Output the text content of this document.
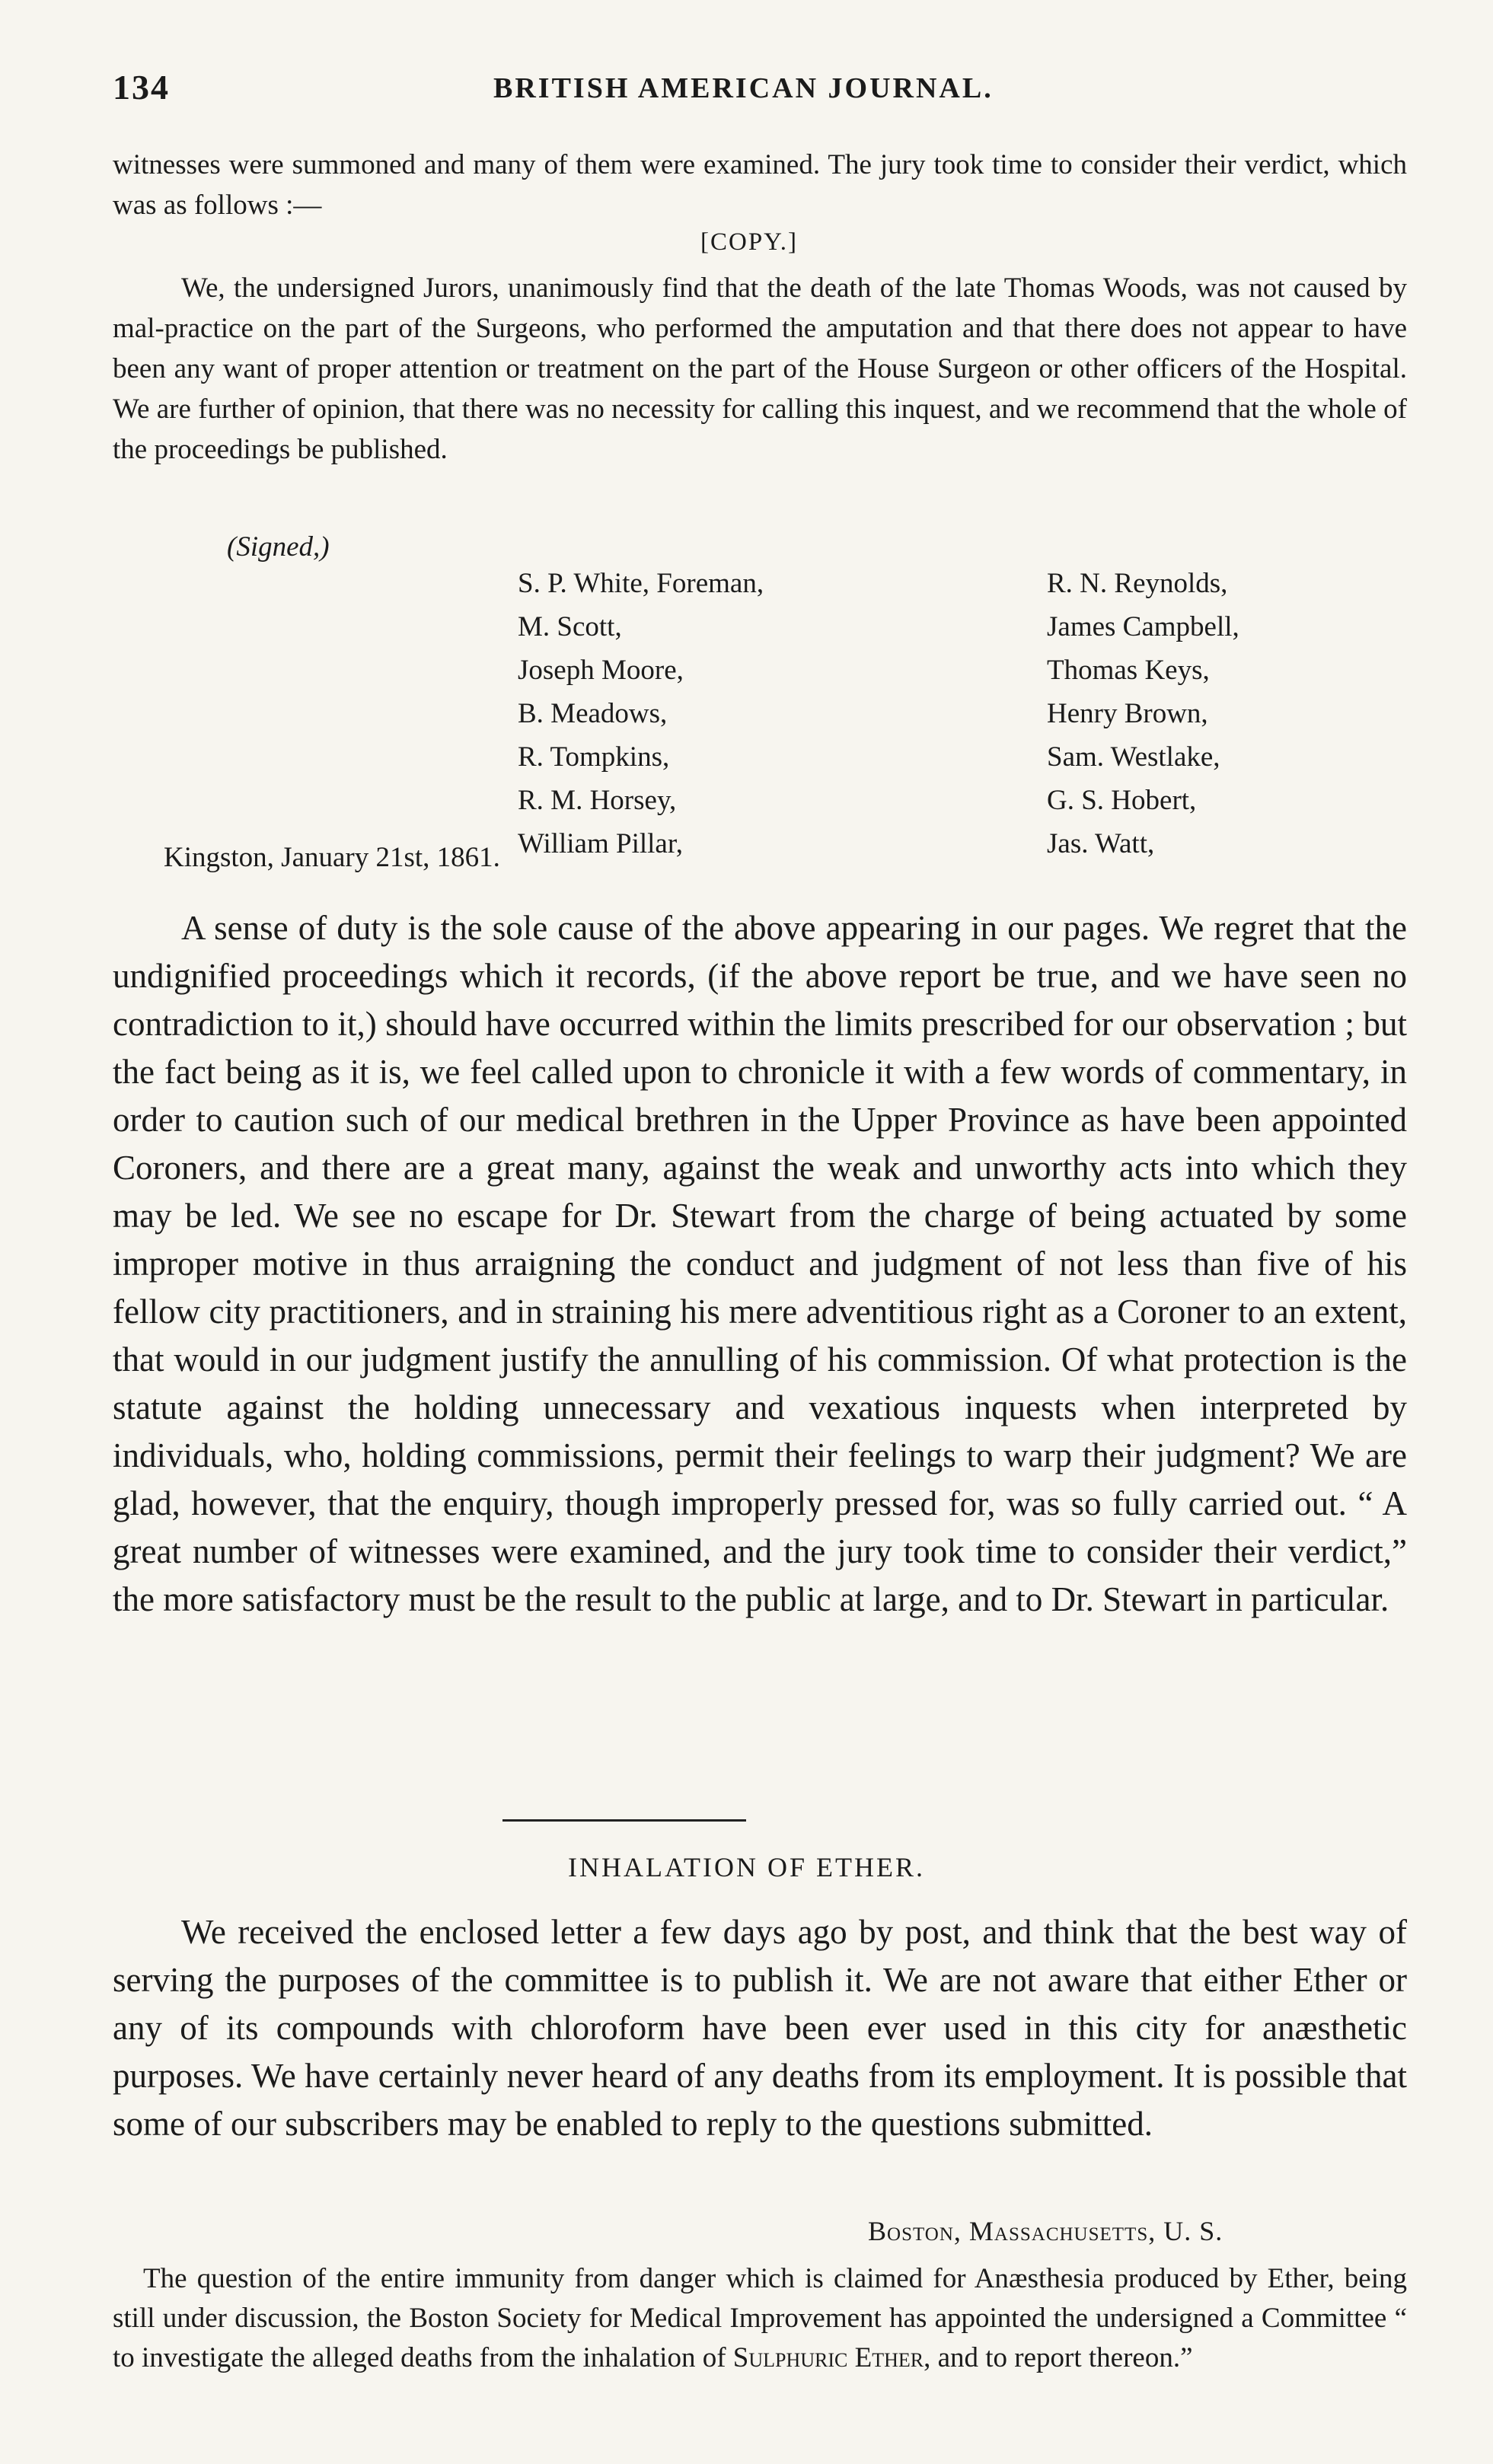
134	BRITISH AMERICAN JOURNAL.
witnesses were summoned and many of them were examined. The jury took time to consider their verdict, which was as follows :—
[COPY.]
We, the undersigned Jurors, unanimously find that the death of the late Thomas Woods, was not caused by mal-practice on the part of the Surgeons, who performed the amputation and that there does not appear to have been any want of proper attention or treatment on the part of the House Surgeon or other officers of the Hospital. We are further of opinion, that there was no necessity for calling this inquest, and we recommend that the whole of the proceedings be published.
(Signed,)
S. P. White, Foreman,
M. Scott,
Joseph Moore,
B. Meadows,
R. Tompkins,
R. M. Horsey,
William Pillar,
R. N. Reynolds,
James Campbell,
Thomas Keys,
Henry Brown,
Sam. Westlake,
G. S. Hobert,
Jas. Watt,
Kingston, January 21st, 1861.
A sense of duty is the sole cause of the above appearing in our pages. We regret that the undignified proceedings which it records, (if the above report be true, and we have seen no contradiction to it,) should have occurred within the limits prescribed for our observation ; but the fact being as it is, we feel called upon to chronicle it with a few words of commentary, in order to caution such of our medical brethren in the Upper Province as have been appointed Coroners, and there are a great many, against the weak and unworthy acts into which they may be led. We see no escape for Dr. Stewart from the charge of being actuated by some improper motive in thus arraigning the conduct and judgment of not less than five of his fellow city practitioners, and in straining his mere adventitious right as a Coroner to an extent, that would in our judgment justify the annulling of his commission. Of what protection is the statute against the holding unnecessary and vexatious inquests when interpreted by individuals, who, holding commissions, permit their feelings to warp their judgment? We are glad, however, that the enquiry, though improperly pressed for, was so fully carried out. “ A great number of witnesses were examined, and the jury took time to consider their verdict,” the more satisfactory must be the result to the public at large, and to Dr. Stewart in particular.
INHALATION OF ETHER.
We received the enclosed letter a few days ago by post, and think that the best way of serving the purposes of the committee is to publish it. We are not aware that either Ether or any of its compounds with chloroform have been ever used in this city for anæsthetic purposes. We have certainly never heard of any deaths from its employment. It is possible that some of our subscribers may be enabled to reply to the questions submitted.
Boston, Massachusetts, U. S.
The question of the entire immunity from danger which is claimed for Anæsthesia produced by Ether, being still under discussion, the Boston Society for Medical Improvement has appointed the undersigned a Committee “ to investigate the alleged deaths from the inhalation of Sulphuric Ether, and to report thereon.”
